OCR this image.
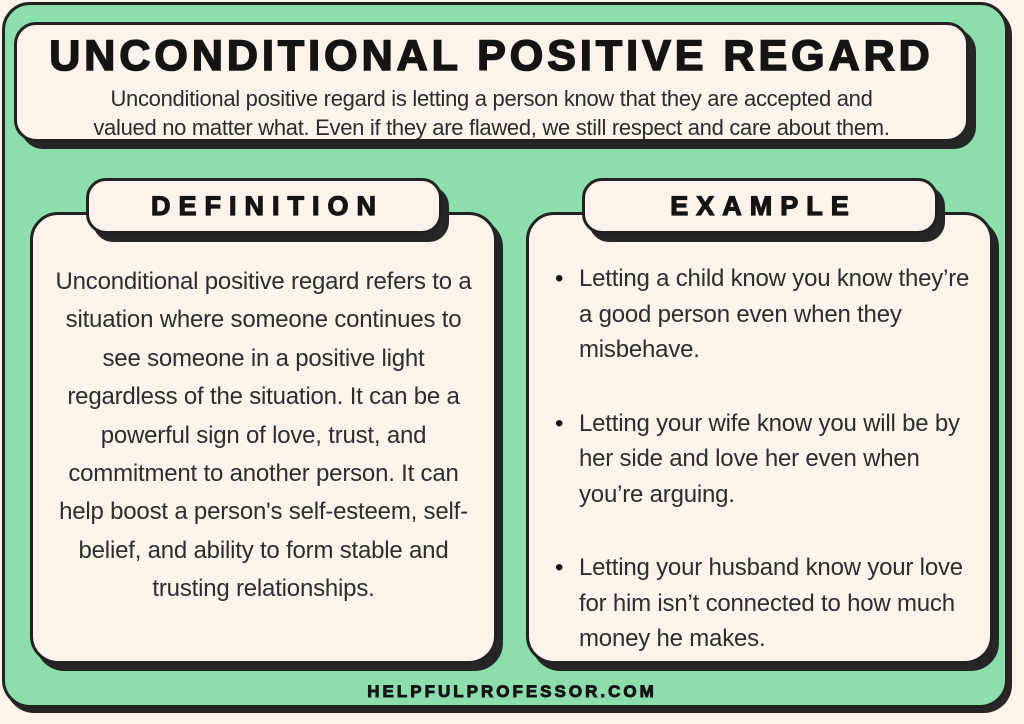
UNCONDITIONAL POSITIVE REGARD
Unconditional positive regard is letting a person know that they are accepted and
valued no matter what. Even if they are flawed, we still respect and care about them.
DEFINITION

Unconditional positive regard refers to a situation where someone continues to see someone in a positive light regardless of the situation. It can be a powerful sign of love, trust, and commitment to another person. It can help boost a person's self-esteem, self-belief, and ability to form stable and trusting relationships.

EXAMPLE
• Letting a child know you know they’re a good person even when they misbehave.
• Letting your wife know you will be by her side and love her even when you’re arguing.
• Letting your husband know your love for him isn’t connected to how much money he makes.
HELPFULPROFESSOR.COM
